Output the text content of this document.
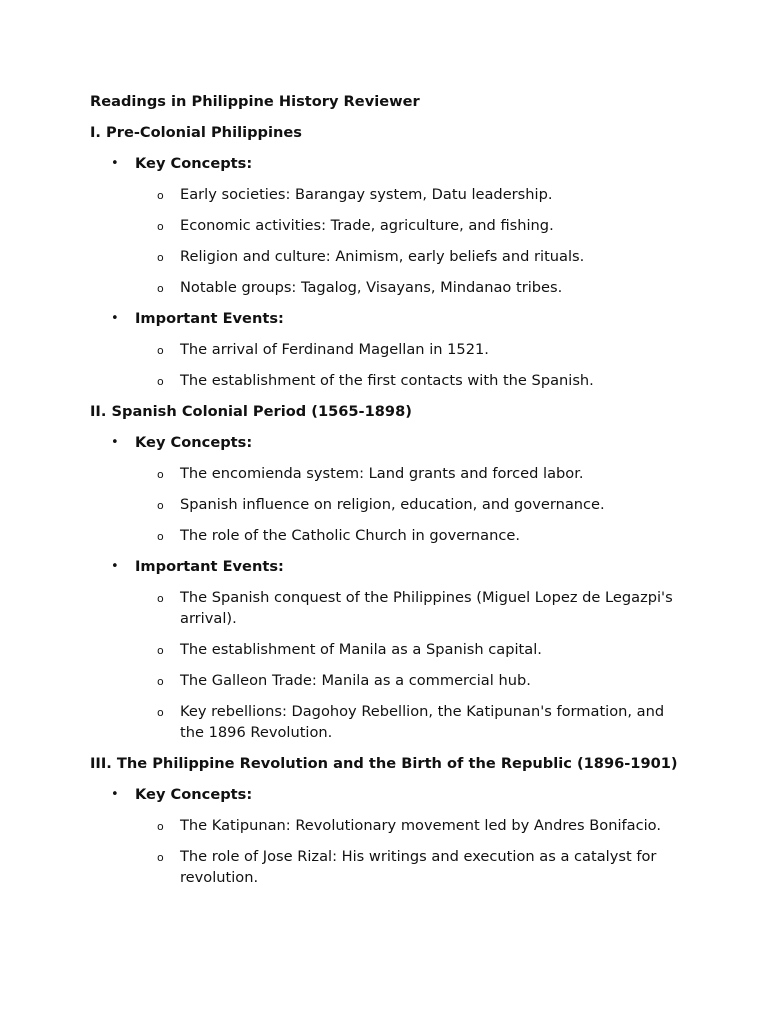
Readings in Philippine History Reviewer
I. Pre-Colonial Philippines
• Key Concepts:
o Early societies: Barangay system, Datu leadership.
o Economic activities: Trade, agriculture, and fishing.
o Religion and culture: Animism, early beliefs and rituals.
o Notable groups: Tagalog, Visayans, Mindanao tribes.
• Important Events:
o The arrival of Ferdinand Magellan in 1521.
o The establishment of the first contacts with the Spanish.
II. Spanish Colonial Period (1565-1898)
• Key Concepts:
o The encomienda system: Land grants and forced labor.
o Spanish influence on religion, education, and governance.
o The role of the Catholic Church in governance.
• Important Events:
o The Spanish conquest of the Philippines (Miguel Lopez de Legazpi's arrival).
o The establishment of Manila as a Spanish capital.
o The Galleon Trade: Manila as a commercial hub.
o Key rebellions: Dagohoy Rebellion, the Katipunan's formation, and the 1896 Revolution.
III. The Philippine Revolution and the Birth of the Republic (1896-1901)
• Key Concepts:
o The Katipunan: Revolutionary movement led by Andres Bonifacio.
o The role of Jose Rizal: His writings and execution as a catalyst for revolution.
